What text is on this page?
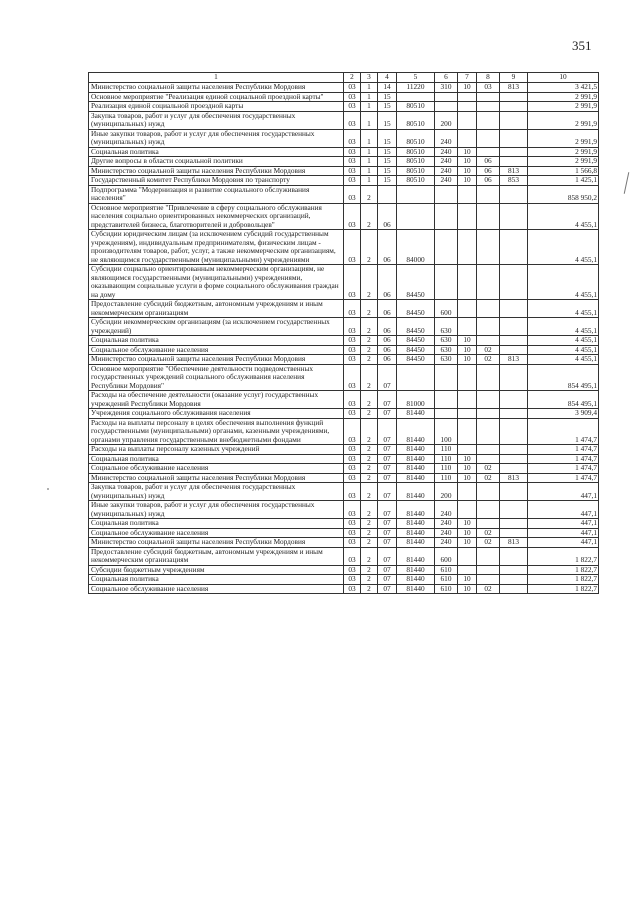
351
1	2	3	4	5	6	7	8	9	10
Министерство социальной защиты населения Республики Мордовия	03	1	14	11220	310	10	03	813	3 421,5
Основное мероприятие "Реализация единой социальной проездной карты"	03	1	15						2 991,9
Реализация единой социальной проездной карты	03	1	15	80510					2 991,9
Закупка товаров, работ и услуг для обеспечения государственных (муниципальных) нужд	03	1	15	80510	200				2 991,9
Иные закупки товаров, работ и услуг для обеспечения государственных (муниципальных) нужд	03	1	15	80510	240				2 991,9
Социальная политика	03	1	15	80510	240	10			2 991,9
Другие вопросы в области социальной политики	03	1	15	80510	240	10	06		2 991,9
Министерство социальной защиты населения Республики Мордовия	03	1	15	80510	240	10	06	813	1 566,8
Государственный комитет Республики Мордовия по транспорту	03	1	15	80510	240	10	06	853	1 425,1
Подпрограмма "Модернизация и развитие социального обслуживания населения"	03	2							858 950,2
Основное мероприятие "Привлечение в сферу социального обслуживания населения социально ориентированных некоммерческих организаций, представителей бизнеса, благотворителей и добровольцев"	03	2	06						4 455,1
Субсидии юридическим лицам (за исключением субсидий государственным учреждениям), индивидуальным предпринимателям, физическим лицам - производителям товаров, работ, услуг, а также некоммерческим организациям, не являющимся государственными (муниципальными) учреждениями	03	2	06	84000					4 455,1
Субсидии социально ориентированным некоммерческим организациям, не являющимся государственными (муниципальными) учреждениями, оказывающим социальные услуги в форме социального обслуживания граждан на дому	03	2	06	84450					4 455,1
Предоставление субсидий бюджетным, автономным учреждениям и иным некоммерческим организациям	03	2	06	84450	600				4 455,1
Субсидии некоммерческим организациям (за исключением государственных учреждений)	03	2	06	84450	630				4 455,1
Социальная политика	03	2	06	84450	630	10			4 455,1
Социальное обслуживание населения	03	2	06	84450	630	10	02		4 455,1
Министерство социальной защиты населения Республики Мордовия	03	2	06	84450	630	10	02	813	4 455,1
Основное мероприятие "Обеспечение деятельности подведомственных государственных учреждений социального обслуживания населения Республики Мордовия"	03	2	07						854 495,1
Расходы на обеспечение деятельности (оказание услуг) государственных учреждений Республики Мордовия	03	2	07	81000					854 495,1
Учреждения социального обслуживания населения	03	2	07	81440					3 909,4
Расходы на выплаты персоналу в целях обеспечения выполнения функций государственными (муниципальными) органами, казенными учреждениями, органами управления государственными внебюджетными фондами	03	2	07	81440	100				1 474,7
Расходы на выплаты персоналу казенных учреждений	03	2	07	81440	110				1 474,7
Социальная политика	03	2	07	81440	110	10			1 474,7
Социальное обслуживание населения	03	2	07	81440	110	10	02		1 474,7
Министерство социальной защиты населения Республики Мордовия	03	2	07	81440	110	10	02	813	1 474,7
Закупка товаров, работ и услуг для обеспечения государственных (муниципальных) нужд	03	2	07	81440	200				447,1
Иные закупки товаров, работ и услуг для обеспечения государственных (муниципальных) нужд	03	2	07	81440	240				447,1
Социальная политика	03	2	07	81440	240	10			447,1
Социальное обслуживание населения	03	2	07	81440	240	10	02		447,1
Министерство социальной защиты населения Республики Мордовия	03	2	07	81440	240	10	02	813	447,1
Предоставление субсидий бюджетным, автономным учреждениям и иным некоммерческим организациям	03	2	07	81440	600				1 822,7
Субсидии бюджетным учреждениям	03	2	07	81440	610				1 822,7
Социальная политика	03	2	07	81440	610	10			1 822,7
Социальное обслуживание населения	03	2	07	81440	610	10	02		1 822,7
